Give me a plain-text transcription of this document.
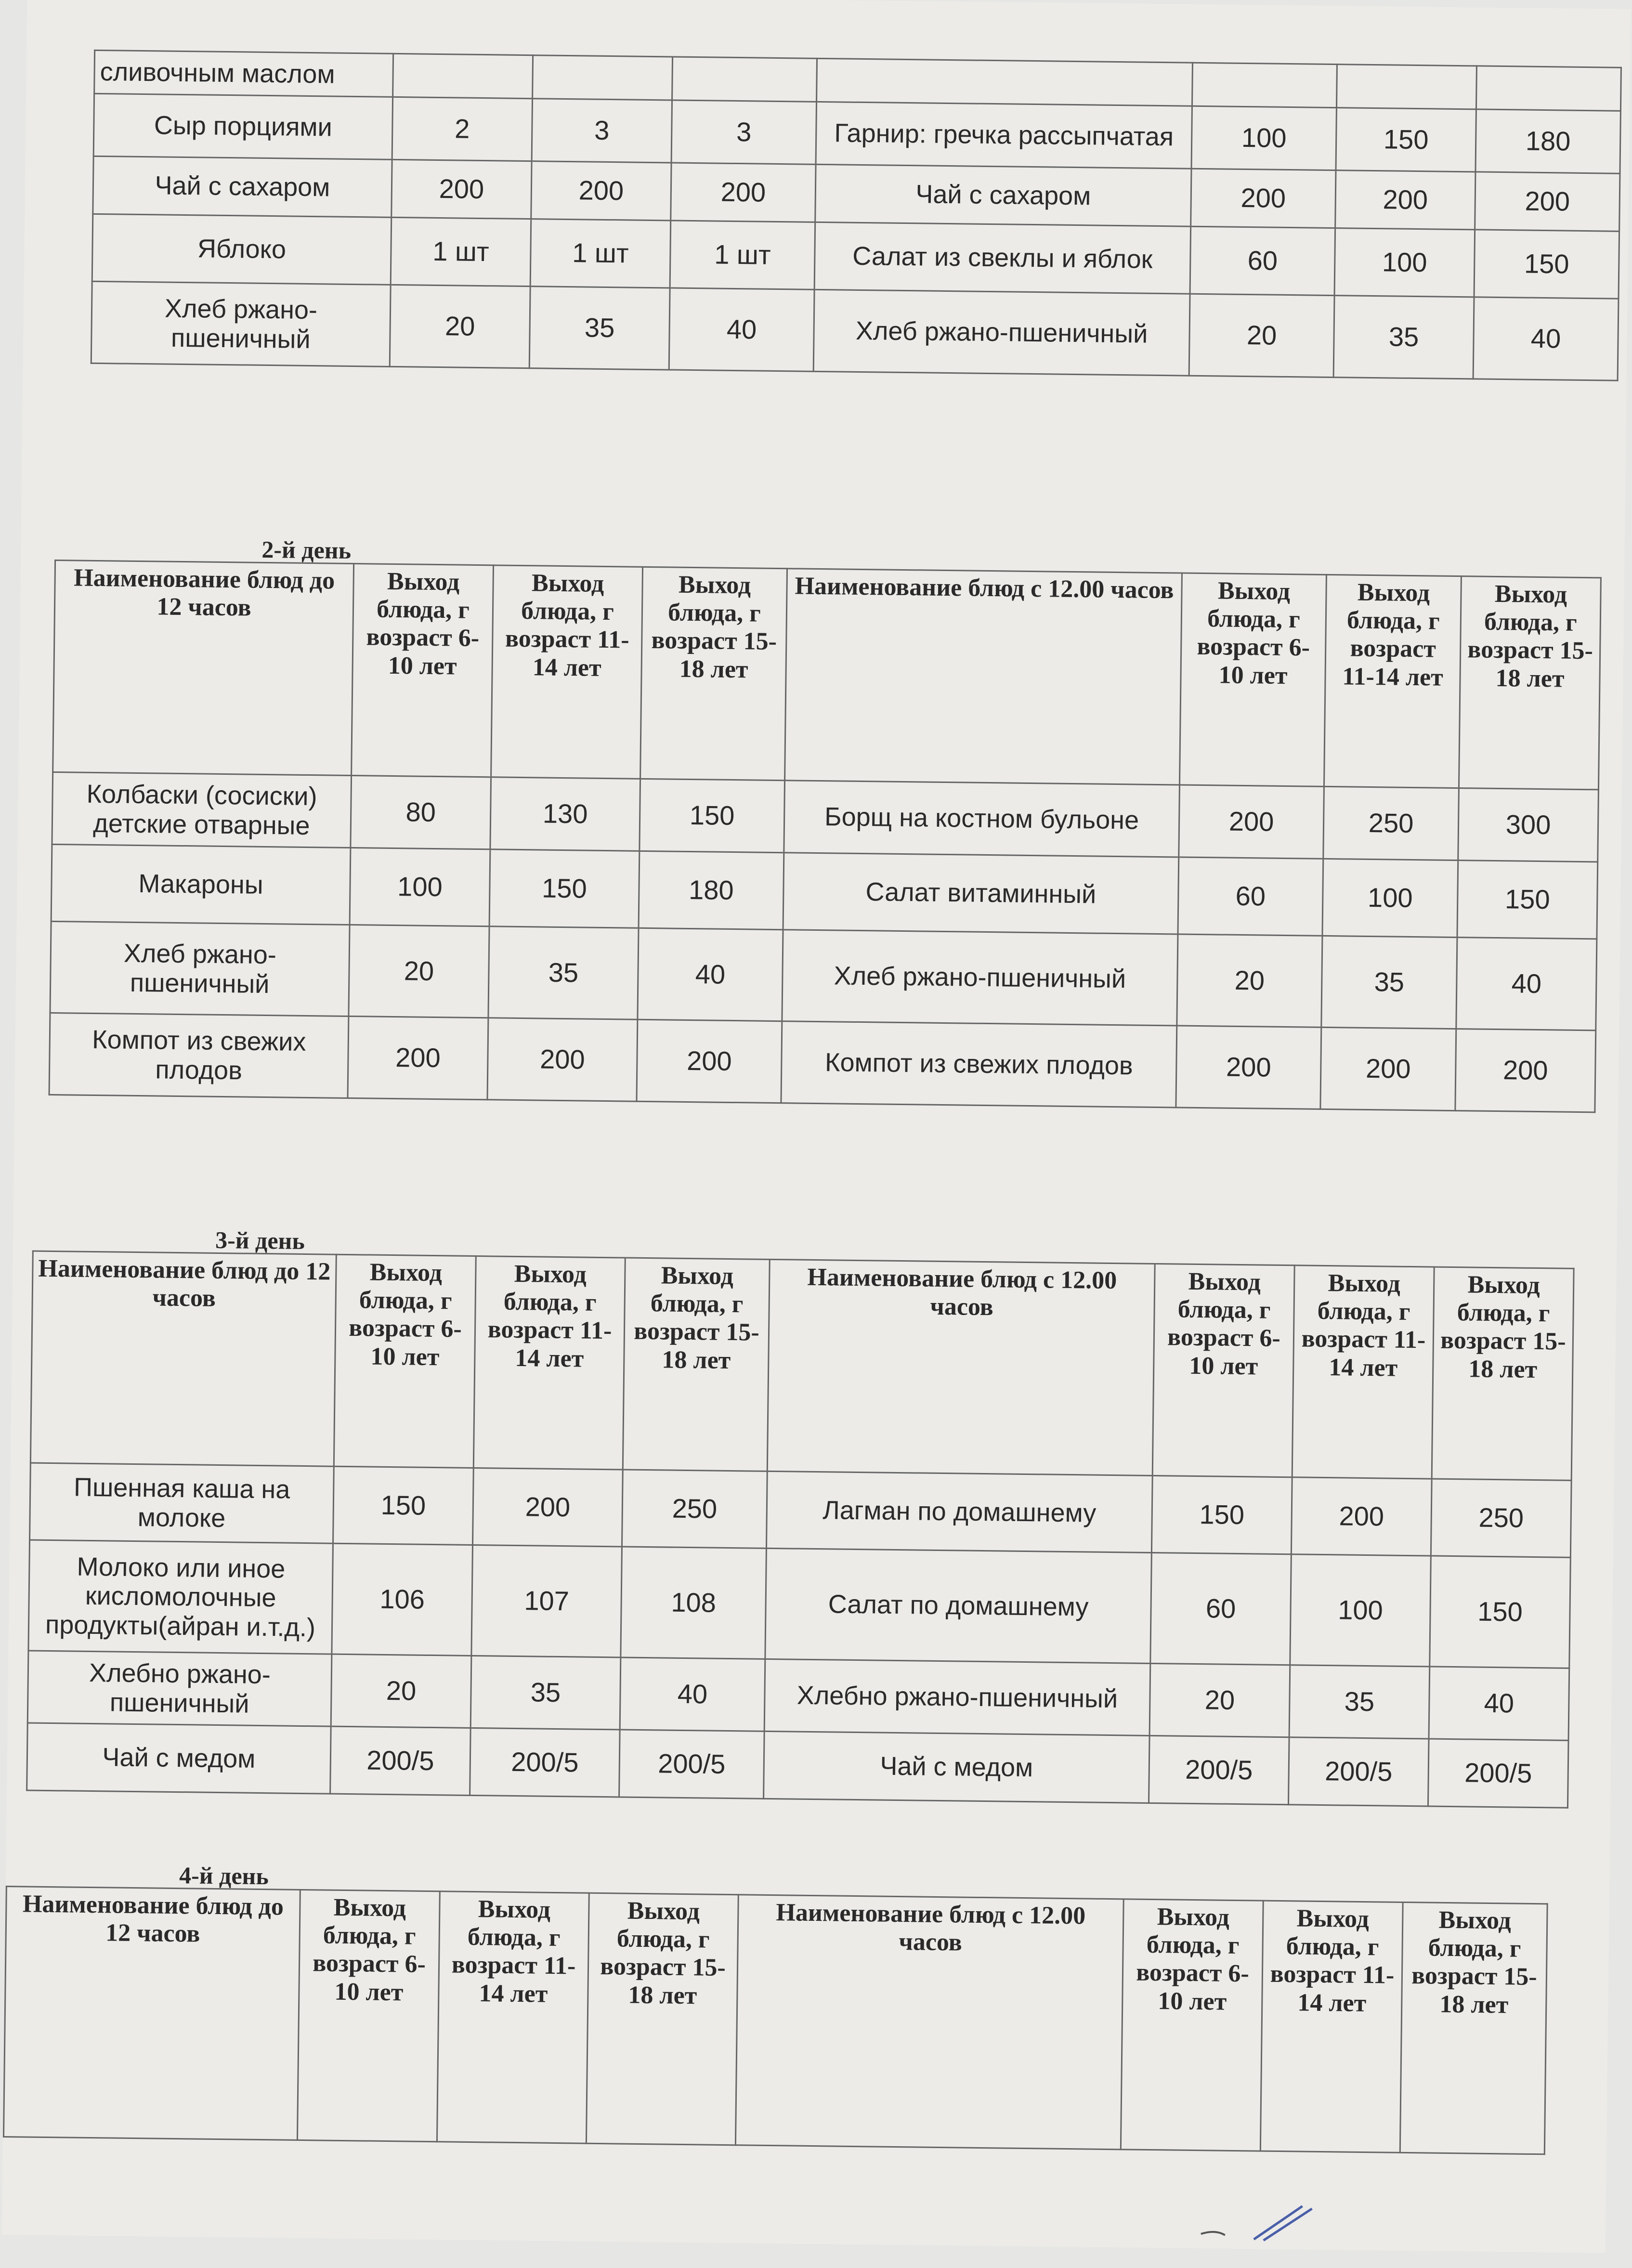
сливочным маслом							
Сыр порциями	2	3	3	Гарнир: гречка рассыпчатая	100	150	180
Чай с сахаром	200	200	200	Чай с сахаром	200	200	200
Яблоко	1 шт	1 шт	1 шт	Салат из свеклы и яблок	60	100	150
Хлеб ржано-пшеничный	20	35	40	Хлеб ржано-пшеничный	20	35	40
2-й день
Наименование блюд до 12 часов	Выход блюда, г возраст 6-10 лет	Выход блюда, г возраст 11-14 лет	Выход блюда, г возраст 15-18 лет	Наименование блюд с 12.00 часов	Выход блюда, г возраст 6-10 лет	Выход блюда, г возраст 11-14 лет	Выход блюда, г возраст 15-18 лет
Колбаски (сосиски) детские отварные	80	130	150	Борщ на костном бульоне	200	250	300
Макароны	100	150	180	Салат витаминный	60	100	150
Хлеб ржано-пшеничный	20	35	40	Хлеб ржано-пшеничный	20	35	40
Компот из свежих плодов	200	200	200	Компот из свежих плодов	200	200	200
3-й день
Наименование блюд до 12 часов	Выход блюда, г возраст 6-10 лет	Выход блюда, г возраст 11-14 лет	Выход блюда, г возраст 15-18 лет	Наименование блюд с 12.00 часов	Выход блюда, г возраст 6-10 лет	Выход блюда, г возраст 11-14 лет	Выход блюда, г возраст 15-18 лет
Пшенная каша на молоке	150	200	250	Лагман по домашнему	150	200	250
Молоко или иное кисломолочные продукты(айран и.т.д.)	106	107	108	Салат по домашнему	60	100	150
Хлебно ржано-пшеничный	20	35	40	Хлебно ржано-пшеничный	20	35	40
Чай с медом	200/5	200/5	200/5	Чай с медом	200/5	200/5	200/5
4-й день
Наименование блюд до 12 часов	Выход блюда, г возраст 6-10 лет	Выход блюда, г возраст 11-14 лет	Выход блюда, г возраст 15-18 лет	Наименование блюд с 12.00 часов	Выход блюда, г возраст 6-10 лет	Выход блюда, г возраст 11-14 лет	Выход блюда, г возраст 15-18 лет
